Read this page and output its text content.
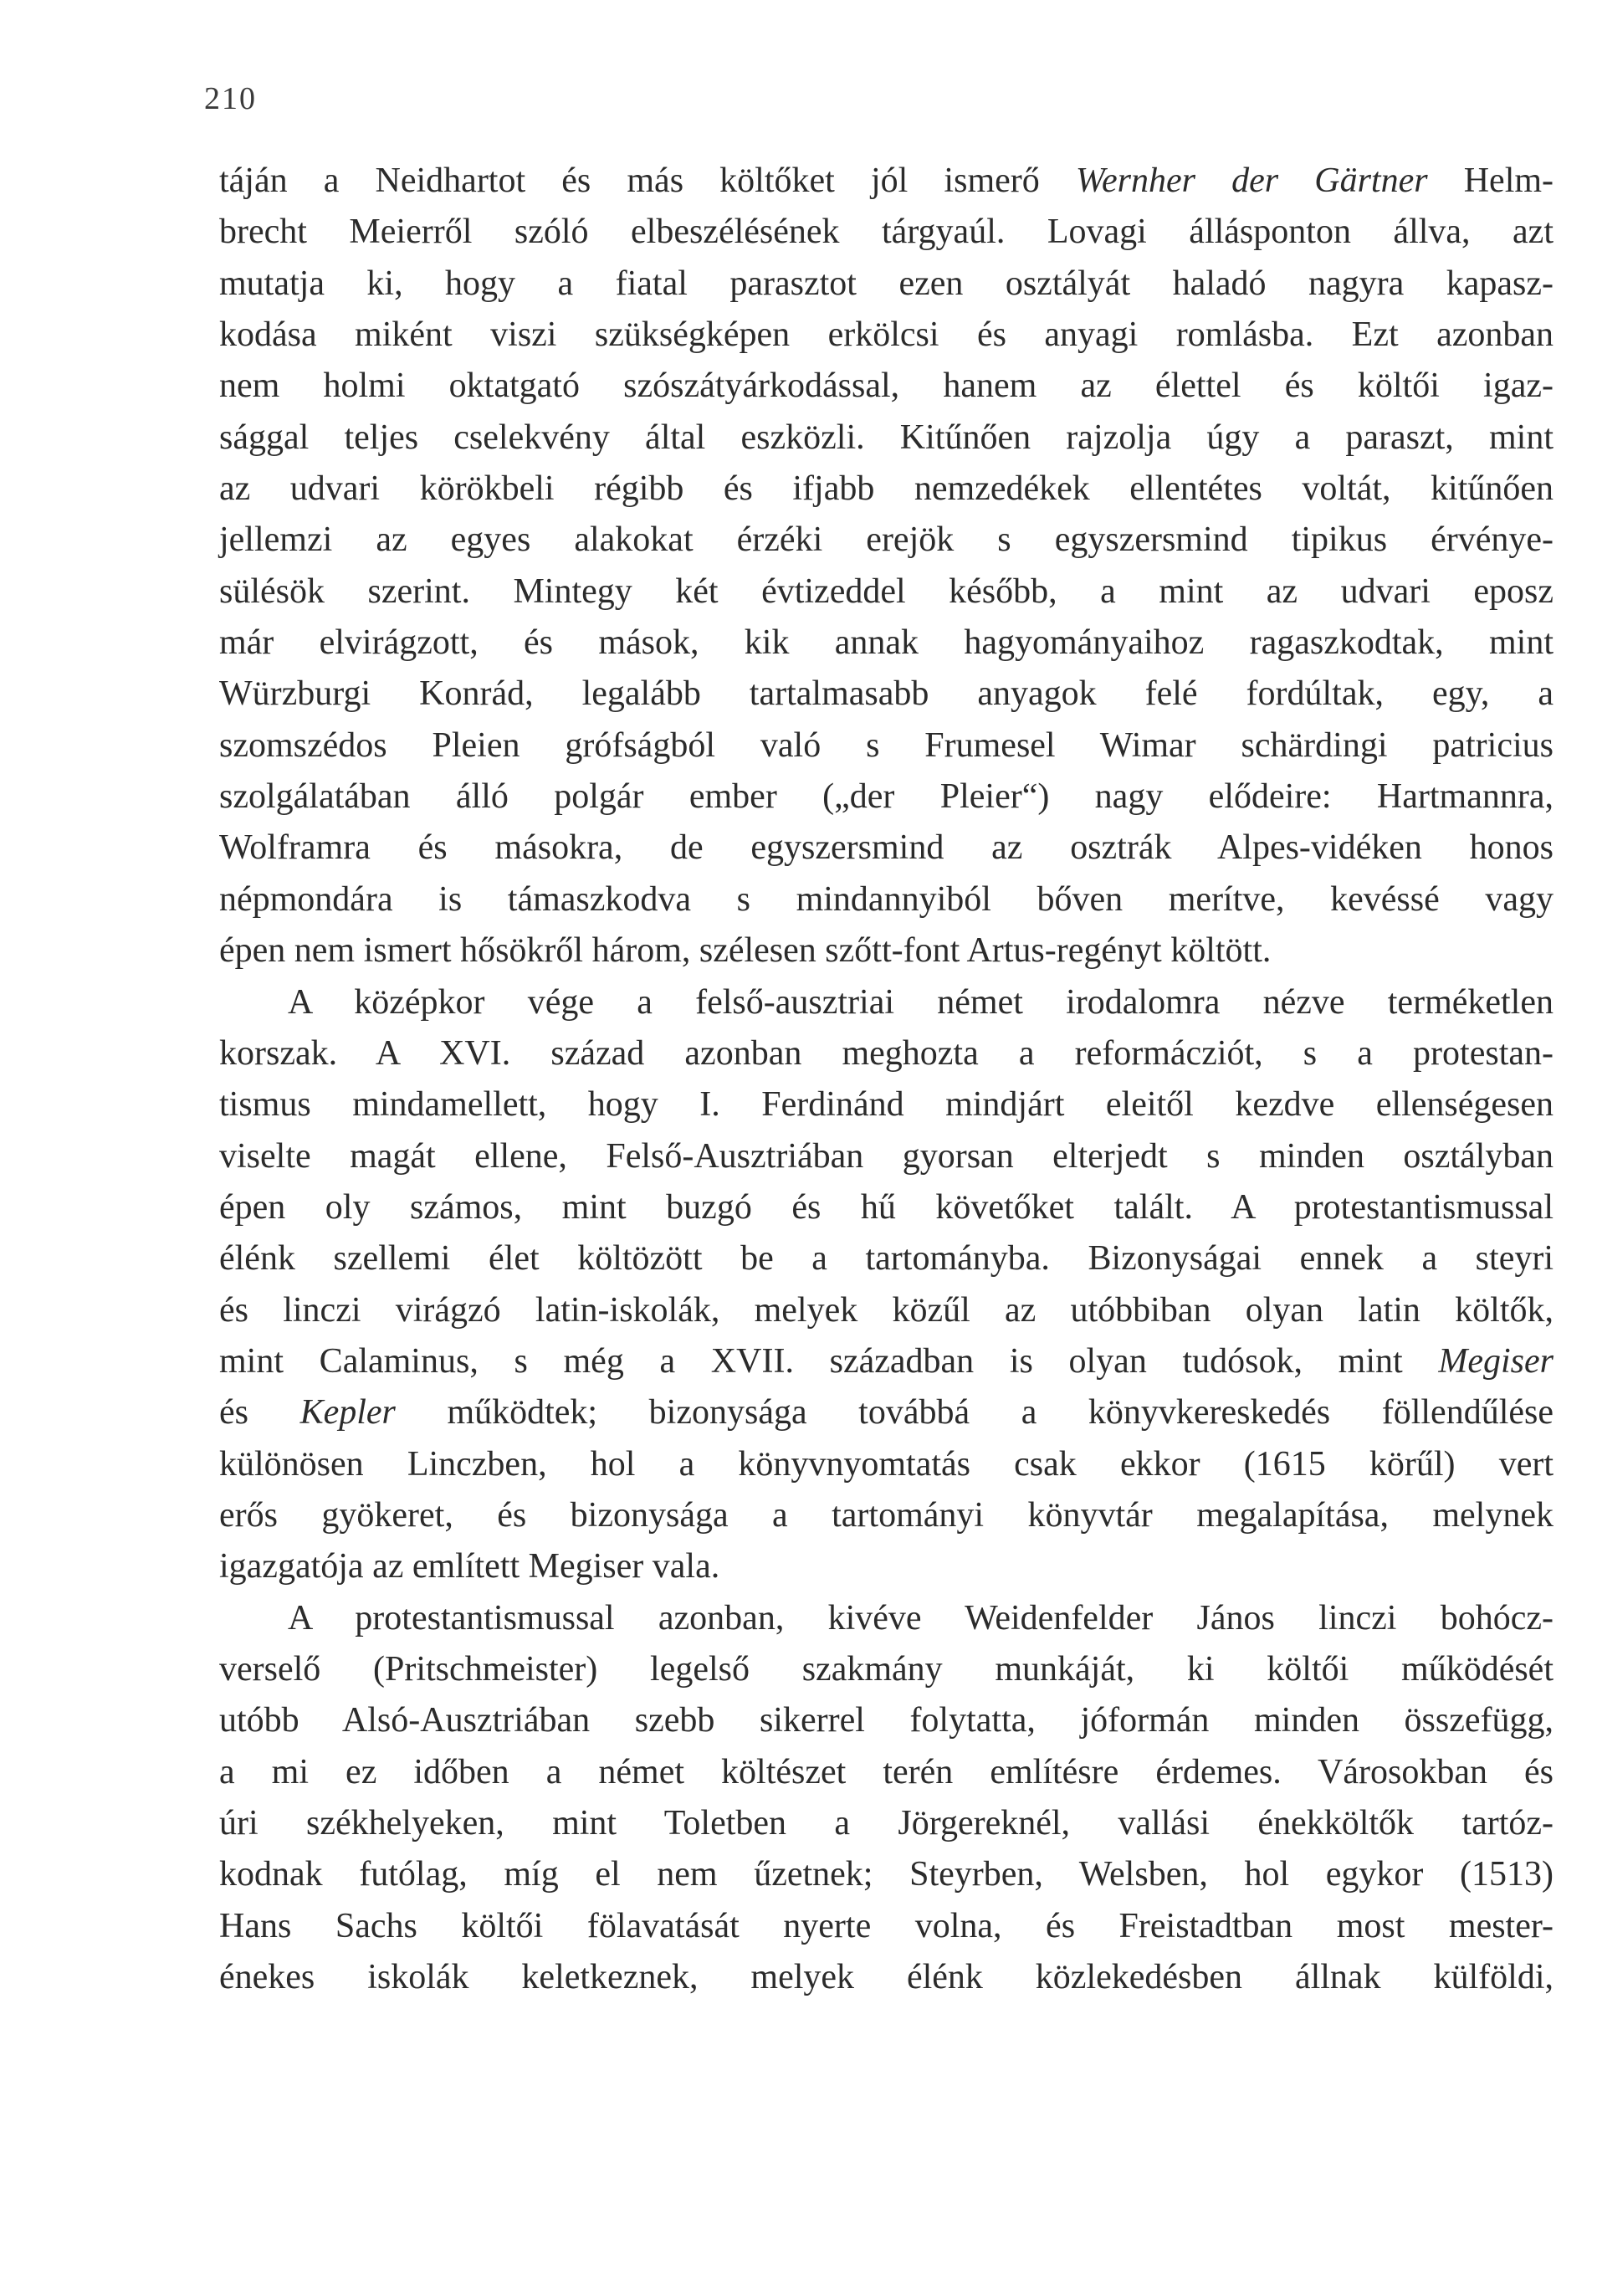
210
táján a Neidhartot és más költőket jól ismerő Wernher der Gärtner Helm-
brecht Meierről szóló elbeszélésének tárgyaúl. Lovagi állásponton állva, azt
mutatja ki, hogy a fiatal parasztot ezen osztályát haladó nagyra kapasz-
kodása miként viszi szükségképen erkölcsi és anyagi romlásba. Ezt azonban
nem holmi oktatgató szószátyárkodással, hanem az élettel és költői igaz-
sággal teljes cselekvény által eszközli. Kitűnően rajzolja úgy a paraszt, mint
az udvari körökbeli régibb és ifjabb nemzedékek ellentétes voltát, kitűnően
jellemzi az egyes alakokat érzéki erejök s egyszersmind tipikus érvénye-
sülésök szerint. Mintegy két évtizeddel később, a mint az udvari eposz
már elvirágzott, és mások, kik annak hagyományaihoz ragaszkodtak, mint
Würzburgi Konrád, legalább tartalmasabb anyagok felé fordúltak, egy, a
szomszédos Pleien grófságból való s Frumesel Wimar schärdingi patricius
szolgálatában álló polgár ember („der Pleier“) nagy elődeire: Hartmannra,
Wolframra és másokra, de egyszersmind az osztrák Alpes-vidéken honos
népmondára is támaszkodva s mindannyiból bőven merítve, kevéssé vagy
épen nem ismert hősökről három, szélesen szőtt-font Artus-regényt költött.
A középkor vége a felső-ausztriai német irodalomra nézve terméketlen
korszak. A XVI. század azonban meghozta a reformácziót, s a protestan-
tismus mindamellett, hogy I. Ferdinánd mindjárt eleitől kezdve ellenségesen
viselte magát ellene, Felső-Ausztriában gyorsan elterjedt s minden osztályban
épen oly számos, mint buzgó és hű követőket talált. A protestantismussal
élénk szellemi élet költözött be a tartományba. Bizonyságai ennek a steyri
és linczi virágzó latin-iskolák, melyek közűl az utóbbiban olyan latin költők,
mint Calaminus, s még a XVII. században is olyan tudósok, mint Megiser
és Kepler működtek; bizonysága továbbá a könyvkereskedés föllendűlése
különösen Linczben, hol a könyvnyomtatás csak ekkor (1615 körűl) vert
erős gyökeret, és bizonysága a tartományi könyvtár megalapítása, melynek
igazgatója az említett Megiser vala.
A protestantismussal azonban, kivéve Weidenfelder János linczi bohócz-
verselő (Pritschmeister) legelső szakmány munkáját, ki költői működését
utóbb Alsó-Ausztriában szebb sikerrel folytatta, jóformán minden összefügg,
a mi ez időben a német költészet terén említésre érdemes. Városokban és
úri székhelyeken, mint Toletben a Jörgereknél, vallási énekköltők tartóz-
kodnak futólag, míg el nem űzetnek; Steyrben, Welsben, hol egykor (1513)
Hans Sachs költői fölavatását nyerte volna, és Freistadtban most mester-
énekes iskolák keletkeznek, melyek élénk közlekedésben állnak külföldi,
